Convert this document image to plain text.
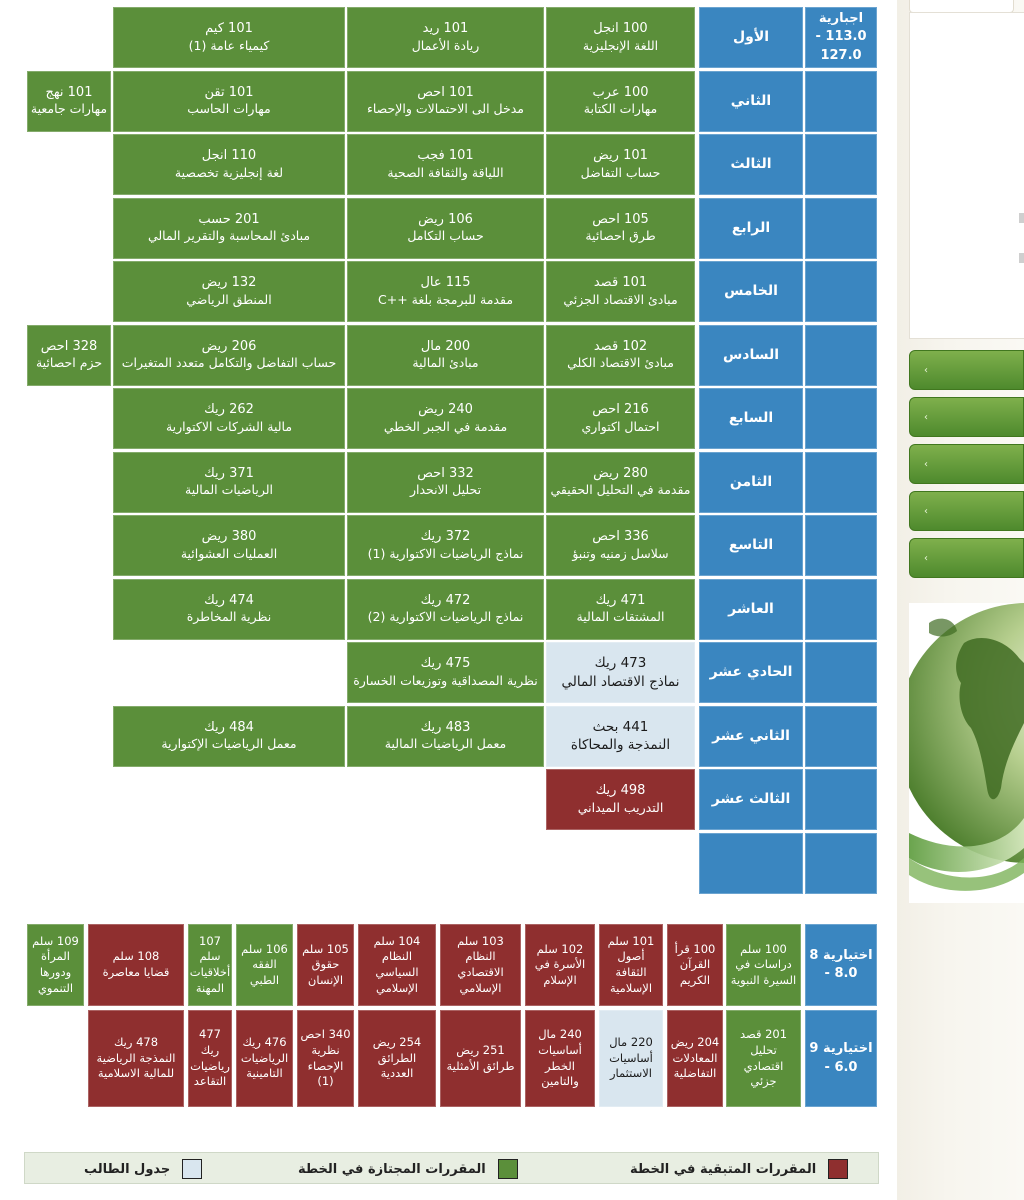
اجبارية
113.0 -
127.0
الأول
100 انجل
اللغة الإنجليزية
101 ريد
ريادة الأعمال
101 كيم
كيمياء عامة (1)
الثاني
100 عرب
مهارات الكتابة
101 احص
مدخل الى الاحتمالات والإحصاء
101 تقن
مهارات الحاسب
101 نهج
مهارات جامعية
الثالث
101 ريض
حساب التفاضل
101 فجب
اللياقة والثقافة الصحية
110 انجل
لغة إنجليزية تخصصية
الرابع
105 احص
طرق احصائية
106 ريض
حساب التكامل
201 حسب
مبادئ المحاسبة والتقرير المالي
الخامس
101 قصد
مبادئ الاقتصاد الجزئي
115 عال
مقدمة للبرمجة بلغة ++C
132 ريض
المنطق الرياضي
السادس
102 قصد
مبادئ الاقتصاد الكلي
200 مال
مبادئ المالية
206 ريض
حساب التفاضل والتكامل متعدد المتغيرات
328 احص
حزم احصائية
السابع
216 احص
احتمال اكتواري
240 ريض
مقدمة في الجبر الخطي
262 ريك
مالية الشركات الاكتوارية
الثامن
280 ريض
مقدمة في التحليل الحقيقي
332 احص
تحليل الانحدار
371 ريك
الرياضيات المالية
التاسع
336 احص
سلاسل زمنيه وتنبؤ
372 ريك
نماذج الرياضيات الاكتوارية (1)
380 ريض
العمليات العشوائية
العاشر
471 ريك
المشتقات المالية
472 ريك
نماذج الرياضيات الاكتوارية (2)
474 ريك
نظرية المخاطرة
الحادي عشر
473 ريك
نماذج الاقتصاد المالي
475 ريك
نظرية المصداقية وتوزيعات الخسارة
الثاني عشر
441 بحث
النمذجة والمحاكاة
483 ريك
معمل الرياضيات المالية
484 ريك
معمل الرياضيات الإكتوارية
الثالث عشر
498 ريك
التدريب الميداني
اختيارية 8
8.0 -
100 سلم
دراسات في السيرة النبوية
100 قرأ
القرآن الكريم
101 سلم
أصول الثقافة الإسلامية
102 سلم
الأسرة في الإسلام
103 سلم
النظام الاقتصادي الإسلامي
104 سلم
النظام السياسي الإسلامي
105 سلم
حقوق الإنسان
106 سلم
الفقه الطبي
107 سلم
أخلاقيات المهنة
108 سلم
قضايا معاصرة
109 سلم
المرأة ودورها التنموي
اختيارية 9
6.0 -
201 قصد
تحليل اقتصادي جزئي
204 ريض
المعادلات التفاضلية
220 مال
أساسيات الاستثمار
240 مال
أساسيات الخطر والتامين
251 ريض
طرائق الأمثلية
254 ريض
الطرائق العددية
340 احص
نظرية الإحصاء (1)
476 ريك
الرياضيات التامينية
477 ريك
رياضيات التقاعد
478 ريك
النمذجة الرياضية للمالية الاسلامية
المقررات المتبقية في الخطة
المقررات المجتازة في الخطة
جدول الطالب
‹
‹
‹
‹
‹
